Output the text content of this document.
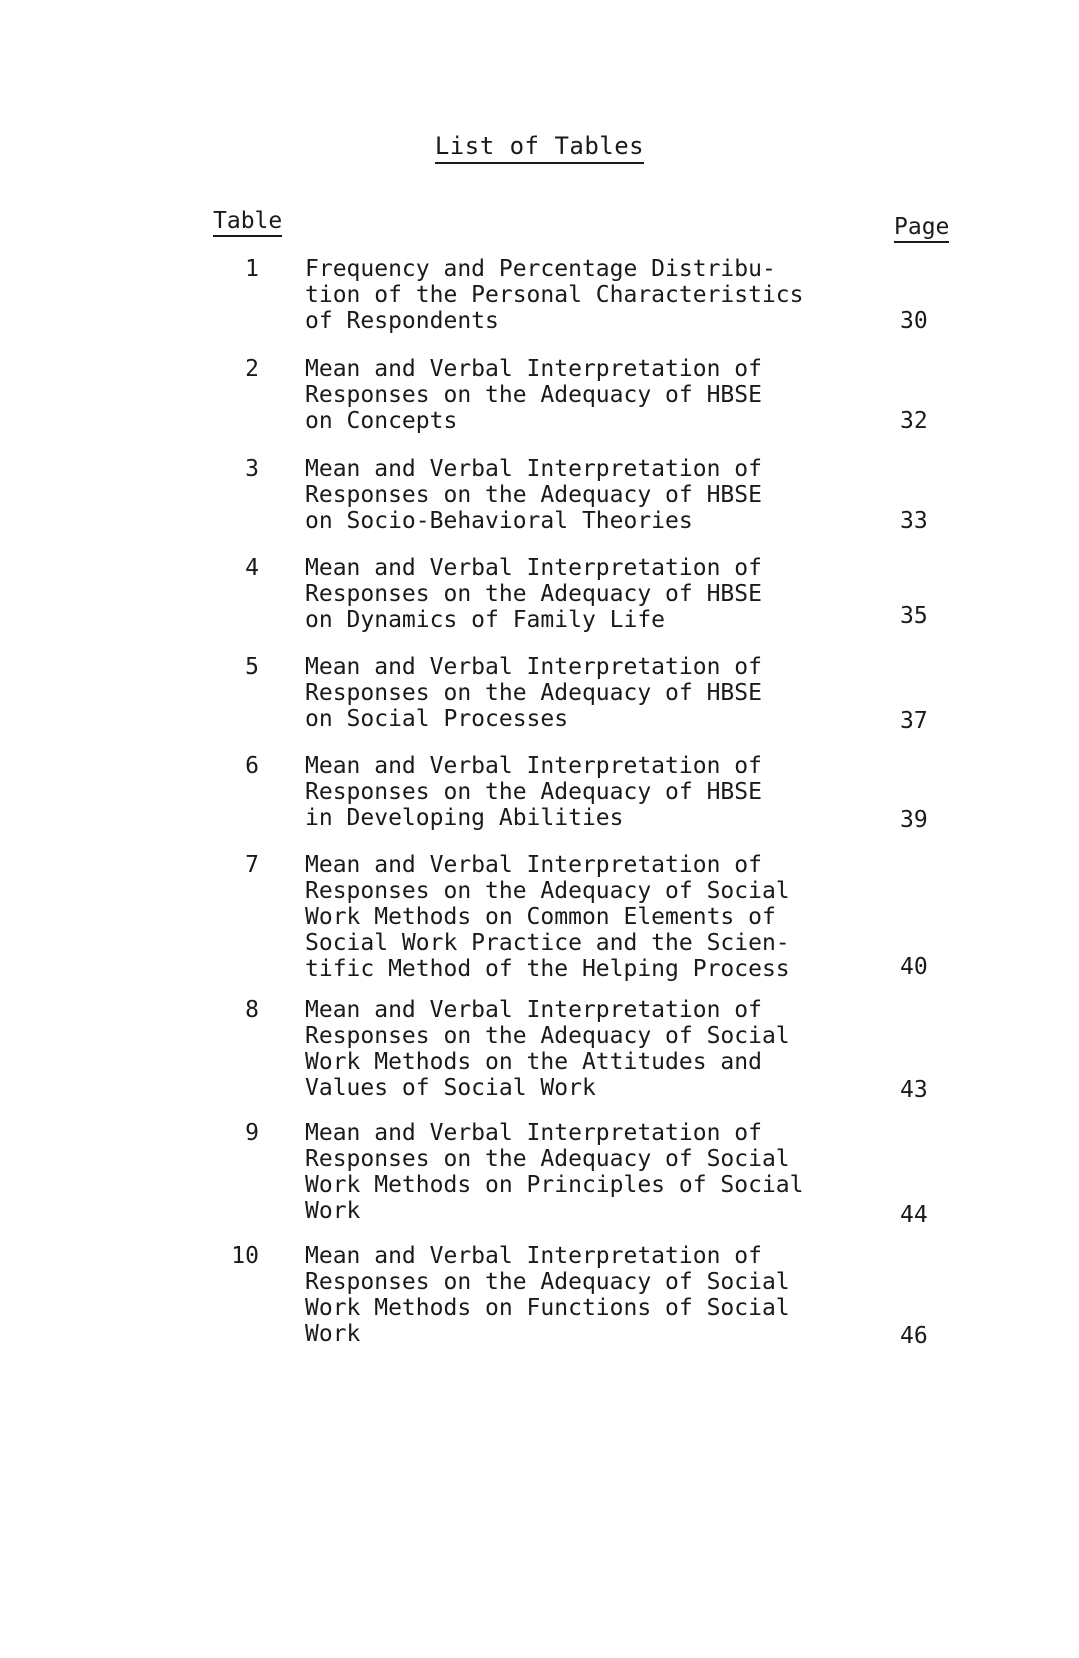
List of Tables
Table	Page
1 Frequency and Percentage Distribu-
tion of the Personal Characteristics
of Respondents	30
2 Mean and Verbal Interpretation of
Responses on the Adequacy of HBSE
on Concepts	32
3 Mean and Verbal Interpretation of
Responses on the Adequacy of HBSE
on Socio-Behavioral Theories	33
4 Mean and Verbal Interpretation of
Responses on the Adequacy of HBSE
on Dynamics of Family Life	35
5 Mean and Verbal Interpretation of
Responses on the Adequacy of HBSE
on Social Processes	37
6 Mean and Verbal Interpretation of
Responses on the Adequacy of HBSE
in Developing Abilities	39
7 Mean and Verbal Interpretation of
Responses on the Adequacy of Social
Work Methods on Common Elements of
Social Work Practice and the Scien-
tific Method of the Helping Process	40
8 Mean and Verbal Interpretation of
Responses on the Adequacy of Social
Work Methods on the Attitudes and
Values of Social Work	43
9 Mean and Verbal Interpretation of
Responses on the Adequacy of Social
Work Methods on Principles of Social
Work	44
10 Mean and Verbal Interpretation of
Responses on the Adequacy of Social
Work Methods on Functions of Social
Work	46
